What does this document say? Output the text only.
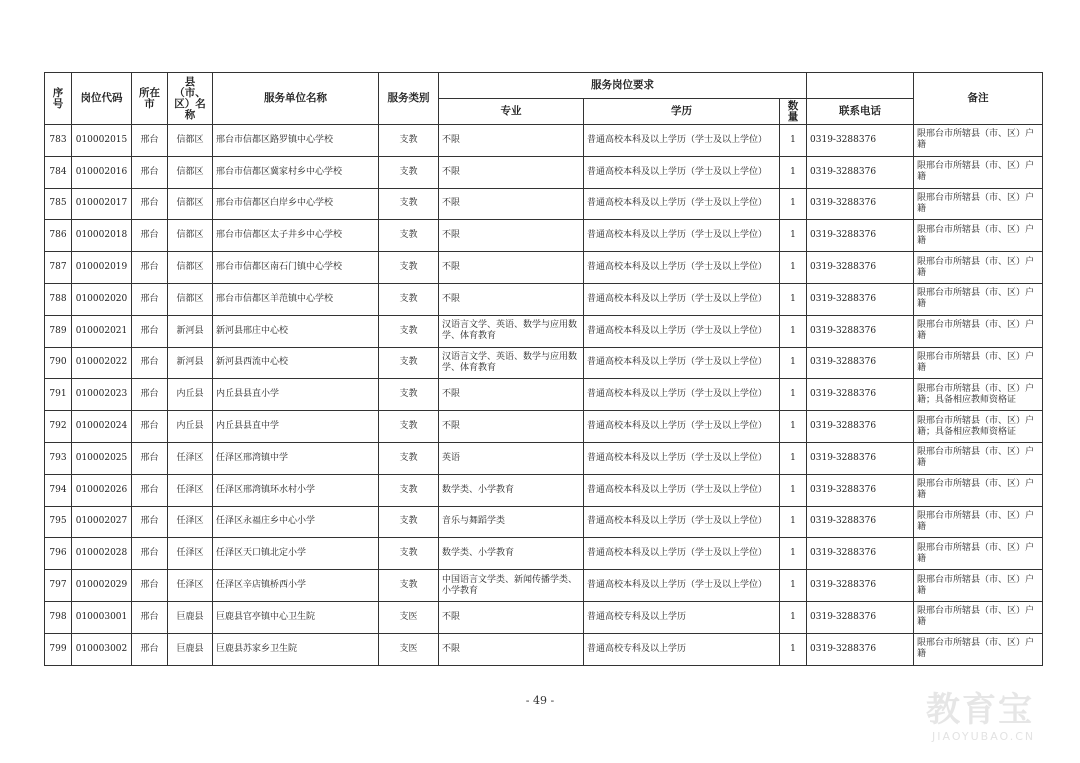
序号	岗位代码	所在市	县（市、区）名称	服务单位名称	服务类别	服务岗位要求				备注
						专业	学历	数量	联系电话	
783	010002015	邢台	信都区	邢台市信都区路罗镇中心学校	支教	不限	普通高校本科及以上学历（学士及以上学位）	1	0319-3288376	限邢台市所辖县（市、区）户籍
784	010002016	邢台	信都区	邢台市信都区冀家村乡中心学校	支教	不限	普通高校本科及以上学历（学士及以上学位）	1	0319-3288376	限邢台市所辖县（市、区）户籍
785	010002017	邢台	信都区	邢台市信都区白岸乡中心学校	支教	不限	普通高校本科及以上学历（学士及以上学位）	1	0319-3288376	限邢台市所辖县（市、区）户籍
786	010002018	邢台	信都区	邢台市信都区太子井乡中心学校	支教	不限	普通高校本科及以上学历（学士及以上学位）	1	0319-3288376	限邢台市所辖县（市、区）户籍
787	010002019	邢台	信都区	邢台市信都区南石门镇中心学校	支教	不限	普通高校本科及以上学历（学士及以上学位）	1	0319-3288376	限邢台市所辖县（市、区）户籍
788	010002020	邢台	信都区	邢台市信都区羊范镇中心学校	支教	不限	普通高校本科及以上学历（学士及以上学位）	1	0319-3288376	限邢台市所辖县（市、区）户籍
789	010002021	邢台	新河县	新河县邢庄中心校	支教	汉语言文学、英语、数学与应用数学、体育教育	普通高校本科及以上学历（学士及以上学位）	1	0319-3288376	限邢台市所辖县（市、区）户籍
790	010002022	邢台	新河县	新河县西流中心校	支教	汉语言文学、英语、数学与应用数学、体育教育	普通高校本科及以上学历（学士及以上学位）	1	0319-3288376	限邢台市所辖县（市、区）户籍
791	010002023	邢台	内丘县	内丘县县直小学	支教	不限	普通高校本科及以上学历（学士及以上学位）	1	0319-3288376	限邢台市所辖县（市、区）户籍；具备相应教师资格证
792	010002024	邢台	内丘县	内丘县县直中学	支教	不限	普通高校本科及以上学历（学士及以上学位）	1	0319-3288376	限邢台市所辖县（市、区）户籍；具备相应教师资格证
793	010002025	邢台	任泽区	任泽区邢湾镇中学	支教	英语	普通高校本科及以上学历（学士及以上学位）	1	0319-3288376	限邢台市所辖县（市、区）户籍
794	010002026	邢台	任泽区	任泽区邢湾镇环水村小学	支教	数学类、小学教育	普通高校本科及以上学历（学士及以上学位）	1	0319-3288376	限邢台市所辖县（市、区）户籍
795	010002027	邢台	任泽区	任泽区永福庄乡中心小学	支教	音乐与舞蹈学类	普通高校本科及以上学历（学士及以上学位）	1	0319-3288376	限邢台市所辖县（市、区）户籍
796	010002028	邢台	任泽区	任泽区天口镇北定小学	支教	数学类、小学教育	普通高校本科及以上学历（学士及以上学位）	1	0319-3288376	限邢台市所辖县（市、区）户籍
797	010002029	邢台	任泽区	任泽区辛店镇桥西小学	支教	中国语言文学类、新闻传播学类、小学教育	普通高校本科及以上学历（学士及以上学位）	1	0319-3288376	限邢台市所辖县（市、区）户籍
798	010003001	邢台	巨鹿县	巨鹿县官亭镇中心卫生院	支医	不限	普通高校专科及以上学历	1	0319-3288376	限邢台市所辖县（市、区）户籍
799	010003002	邢台	巨鹿县	巨鹿县苏家乡卫生院	支医	不限	普通高校专科及以上学历	1	0319-3288376	限邢台市所辖县（市、区）户籍
- 49 -	教育宝
JIAOYUBAO.CN
